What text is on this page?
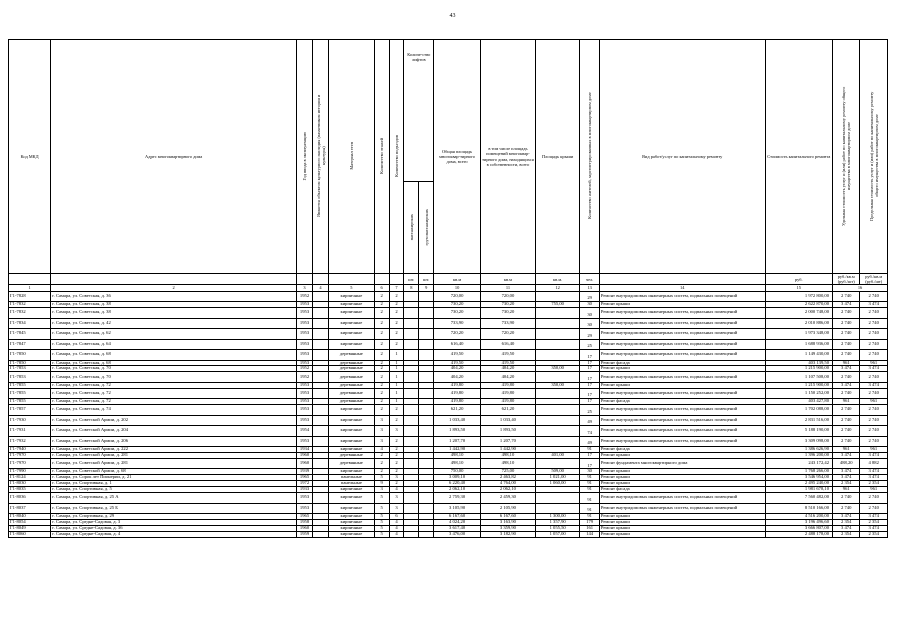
43
Код МКД	Адрес многоквартирного дома	Год ввода в эксплуатацию	Является объектом культурного наследия (памятником истории и культуры)	Материал стен	Количество этажей	Количество подъездов	Количе-ство лифтов		Общая площадь многоквар-тирного дома, всего	в том числе площадь помещений многоквар-тирного дома, находящихся в собственности, всего	Площадь крыши	Количество жителей, зарегистрированных в многоквартирном доме	Вид работ/услуг по капитальному ремонту	Стоимость капитального ремонта	Удельная стоимость услуг и (или) работ по капитальному ремонту общего имущества в многоквартирном доме	Предельная стоимость услуг и (или) работ по капитальному ремонту общего имущества в многоквартирном доме
							пассажирских	грузопассажирских								
							шт.	шт.	кв.м	кв.м	кв.м.	чел.		руб.	руб./кв.м (руб./шт)	руб./кв.м (руб./шт)
1	2	3	4	5	6	7	8	9	10	11	12	13	14	15	16	
Г1-7828	г. Самара, ул. Советская, д. 36	1952		кирпичные	2	2			720,00	720,00		29	Ремонт внутридомовых инженерных систем, подвальных помещений	1 972 800,00	2 740	2 740
Г1-7832	г. Самара, ул. Советская, д. 38	1953		кирпичные	2	2			730,20	730,20	755,00	30	Ремонт крыши	2 622 870,00	3 474	3 474
Г1-7832	г. Самара, ул. Советская, д. 38	1953		кирпичные	2	2			730,20	730,20		30	Ремонт внутридомовых инженерных систем, подвальных помещений	2 000 748,00	2 740	2 740
Г1-7834	г. Самара, ул. Советская, д. 42	1953		кирпичные	2	2			733,90	733,90		30	Ремонт внутридомовых инженерных систем, подвальных помещений	2 010 886,00	2 740	2 740
Г1-7845	г. Самара, ул. Советская, д. 62	1953		кирпичные	2	2			720,20	720,20		29	Ремонт внутридомовых инженерных систем, подвальных помещений	1 973 348,00	2 740	2 740
Г1-7847	г. Самара, ул. Советская, д. 64	1953		кирпичные	2	2			616,40	616,40		25	Ремонт внутридомовых инженерных систем, подвальных помещений	1 688 936,00	2 740	2 740
Г1-7850	г. Самара, ул. Советская, д. 68	1953		деревянные	2	1			419,50	419,50		17	Ремонт внутридомовых инженерных систем, подвальных помещений	1 149 430,00	2 740	2 740
Г1-7850	г. Самара, ул. Советская, д. 68	1953		деревянные	2	1			419,50	419,50		17	Ремонт фасада	403 139,50	961	961
Г1-7853	г. Самара, ул. Советская, д. 70	1952		деревянные	2	1			404,20	404,20	350,00	17	Ремонт крыши	1 215 900,00	3 474	3 474
Г1-7853	г. Самара, ул. Советская, д. 70	1952		деревянные	2	1			404,20	404,20		17	Ремонт внутридомовых инженерных систем, подвальных помещений	1 107 508,00	2 740	2 740
Г1-7855	г. Самара, ул. Советская, д. 72	1953		деревянные	2	1			419,80	419,80	350,00	17	Ремонт крыши	1 215 900,00	3 474	3 474
Г1-7855	г. Самара, ул. Советская, д. 72	1953		деревянные	2	1			419,80	419,80		17	Ремонт внутридомовых инженерных систем, подвальных помещений	1 150 252,00	2 740	2 740
Г1-7855	г. Самара, ул. Советская, д. 72	1953		деревянные	2	1			419,80	419,80		17	Ремонт фасада	403 427,80	961	961
Г1-7857	г. Самара, ул. Советская, д. 74	1953		кирпичные	2	2			621,20	621,20		25	Ремонт внутридомовых инженерных систем, подвальных помещений	1 702 088,00	2 740	2 740
Г1-7930	г. Самара, ул. Советской Армии, д. 202	1953		кирпичные	3	2			1 033,40	1 033,40		49	Ремонт внутридомовых инженерных систем, подвальных помещений	2 831 516,00	2 740	2 740
Г1-7931	г. Самара, ул. Советской Армии, д. 204	1954		кирпичные	3	3			1 893,50	1 893,50		74	Ремонт внутридомовых инженерных систем, подвальных помещений	5 188 190,00	2 740	2 740
Г1-7932	г. Самара, ул. Советской Армии, д. 206	1953		кирпичные	3	2			1 207,70	1 207,70		49	Ремонт внутридомовых инженерных систем, подвальных помещений	3 309 098,00	2 740	2 740
Г1-7940	г. Самара, ул. Советской Армии, д. 222	1934		кирпичные	4	2			1 442,90	1 442,90		91	Ремонт фасада	1 386 626,90	961	961
Г1-7970	г. Самара, ул. Советской Армии, д. 281	1960		деревянные	2	2			498,10	498,10	401,00	17	Ремонт крыши	1 396 200,00	3 474	3 474
Г1-7970	г. Самара, ул. Советской Армии, д. 281	1960		деревянные	2	2			498,10	498,10		17	Ремонт фундамента многоквартирного дома	243 172,42	488,20	4 882
Г1-7990	г. Самара, ул. Советской Армии, д. 68	1939		кирпичные	2	2			750,00	725,00	509,00	30	Ремонт крыши	1 768 266,00	3 474	3 474
Г1-8124	г. Самара, ул. Сорок лет Пионерии, д. 21	1965		панельные	5	3			3 009,10	2 463,82	1 021,00	91	Ремонт крыши	3 546 954,00	3 474	3 474
Г1-8030	г. Самара, ул. Спортивная, д. 1	1972		панельные	9	2			6 220,40	4 764,00	1 060,00	91	Ремонт крыши	2 495 240,00	2 354	2 354
Г1-8035	г. Самара, ул. Спортивная, д. 5	1933		кирпичные	3	4			2 062,10	2 062,10		91	Ремонт фасада	1 981 678,10	961	961
Г1-8036	г. Самара, ул. Спортивная, д. 25 А	1953		кирпичные	5	3			2 759,30	2 459,30		91	Ремонт внутридомовых инженерных систем, подвальных помещений	7 560 482,00	2 740	2 740
Г1-8037	г. Самара, ул. Спортивная, д. 25 Б	1953		кирпичные	5	3			3 105,90	2 105,90		91	Ремонт внутридомовых инженерных систем, подвальных помещений	8 510 166,00	2 740	2 740
Г1-8040	г. Самара, ул. Спортивная, д. 29	1965		кирпичные	5	6			6 167,60	6 167,60	1 300,00	91	Ремонт крыши	4 516 200,00	3 474	3 474
Г1-8054	г. Самара, ул. Средне-Садовая, д. 3	1958		кирпичные	5	4			4 024,20	3 163,90	1 357,90	179	Ремонт крыши	3 196 496,60	2 354	2 354
Г1-8049	г. Самара, ул. Средне-Садовая, д. 36	1960		кирпичные	5	4			3 617,40	3 359,90	1 055,50	161	Ремонт крыши	3 666 807,00	3 474	3 474
Г1-8060	г. Самара, ул. Средне-Садовая, д. 4	1959		кирпичные	5	4			3 476,00	3 182,90	1 057,00	144	Ремонт крыши	2 488 178,00	2 354	2 354
